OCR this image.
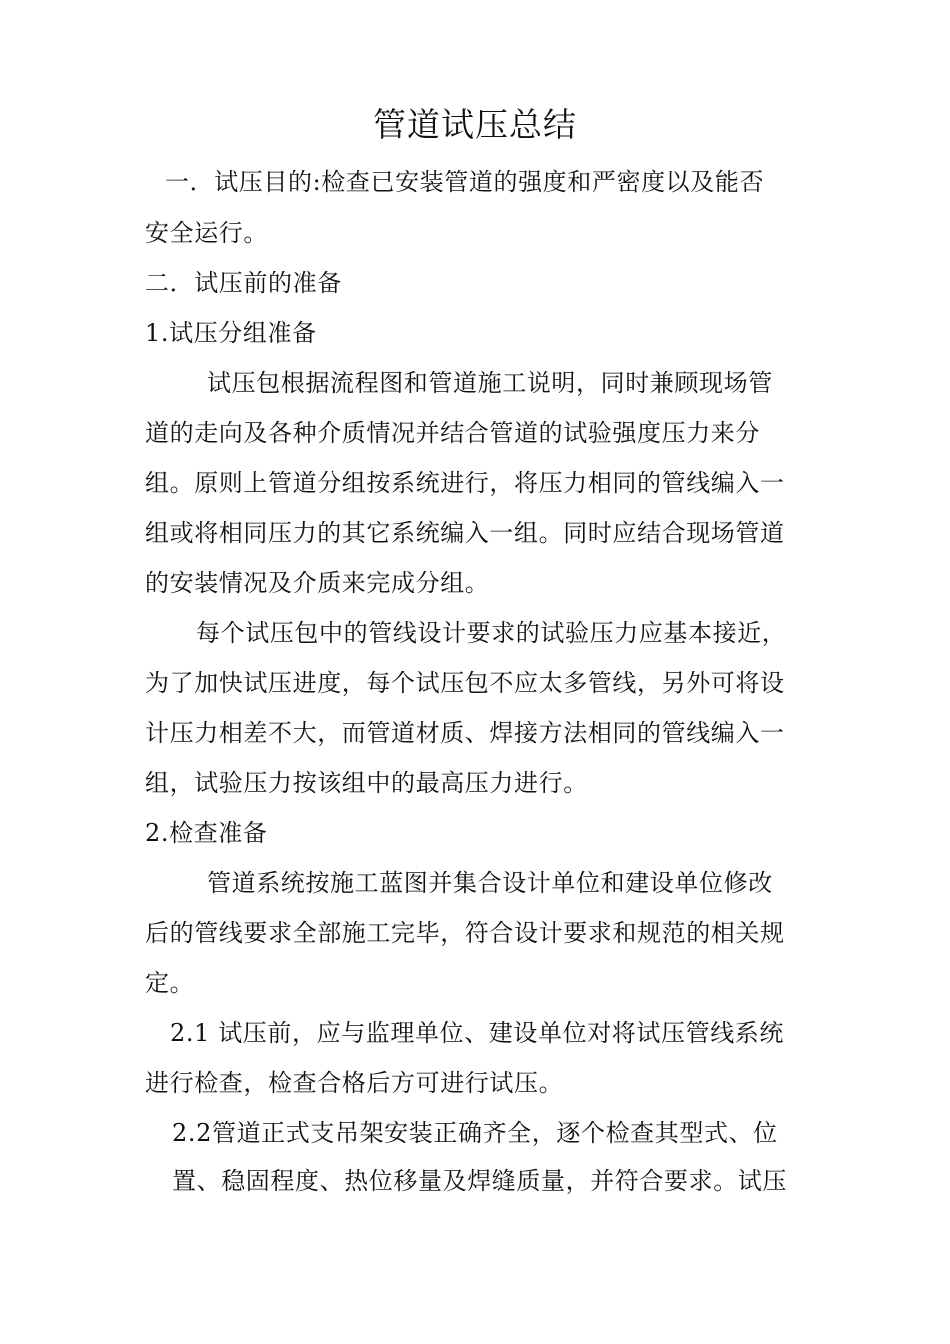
管道试压总结

一．试压目的:检查已安装管道的强度和严密度以及能否

安全运行。

二．试压前的准备

1.试压分组准备

试压包根据流程图和管道施工说明，同时兼顾现场管

道的走向及各种介质情况并结合管道的试验强度压力来分

组。原则上管道分组按系统进行，将压力相同的管线编入一

组或将相同压力的其它系统编入一组。同时应结合现场管道

的安装情况及介质来完成分组。

每个试压包中的管线设计要求的试验压力应基本接近，

为了加快试压进度，每个试压包不应太多管线，另外可将设

计压力相差不大，而管道材质、焊接方法相同的管线编入一

组，试验压力按该组中的最高压力进行。

2.检查准备

管道系统按施工蓝图并集合设计单位和建设单位修改

后的管线要求全部施工完毕，符合设计要求和规范的相关规

定。

2.1 试压前，应与监理单位、建设单位对将试压管线系统

进行检查，检查合格后方可进行试压。

2.2管道正式支吊架安装正确齐全，逐个检查其型式、位

置、稳固程度、热位移量及焊缝质量，并符合要求。试压
